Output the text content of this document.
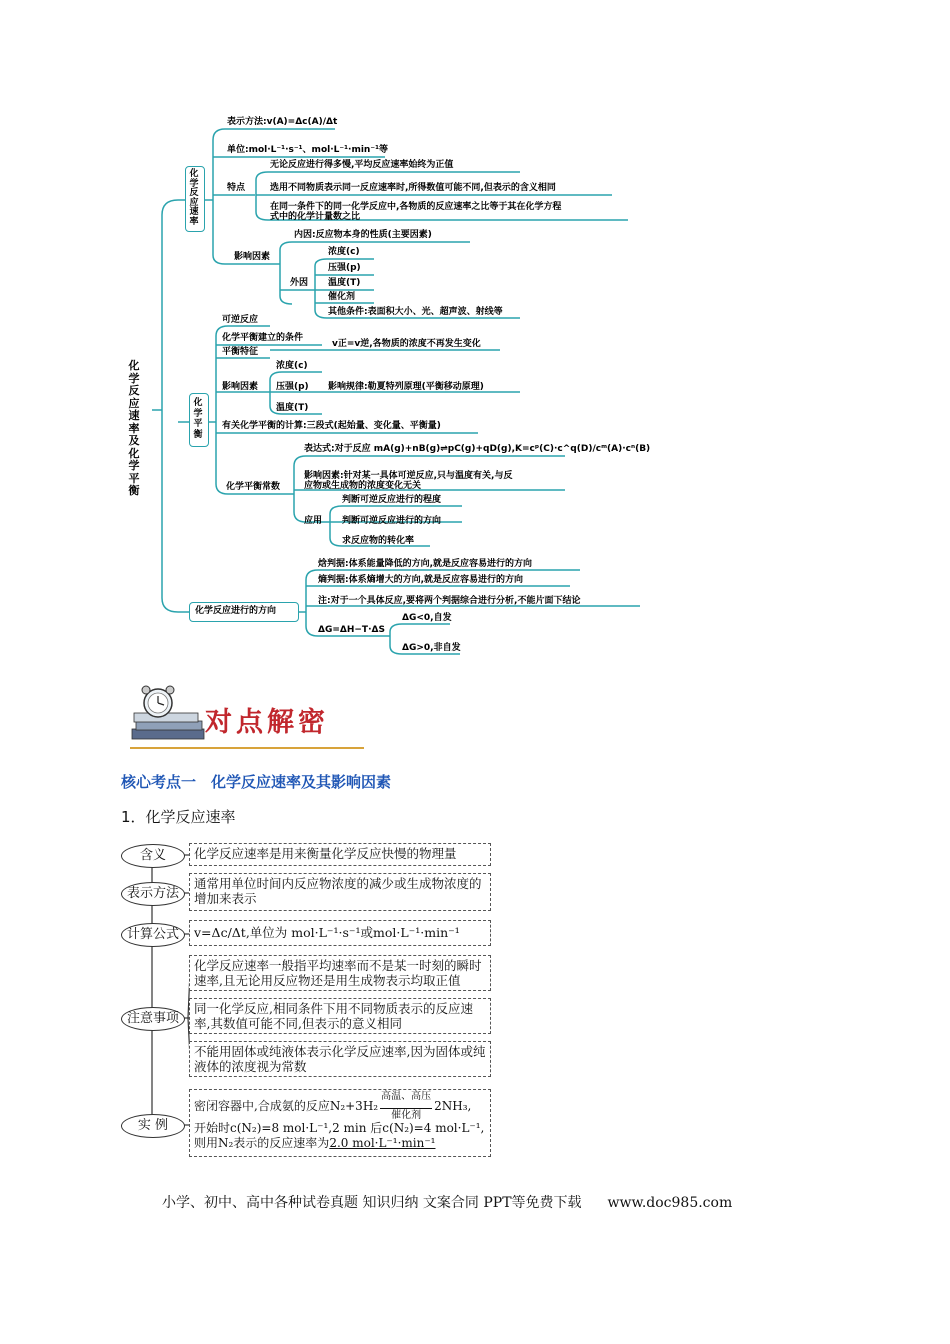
化学反应速率及化学平衡
化学反应速率
表示方法:v(A)=Δc(A)/Δt
单位:mol·L⁻¹·s⁻¹、mol·L⁻¹·min⁻¹等
特点
无论反应进行得多慢,平均反应速率始终为正值
选用不同物质表示同一反应速率时,所得数值可能不同,但表示的含义相同
在同一条件下的同一化学反应中,各物质的反应速率之比等于其在化学方程
式中的化学计量数之比
影响因素
内因:反应物本身的性质(主要因素)
外因
浓度(c)
压强(p)
温度(T)
催化剂
其他条件:表面积大小、光、超声波、射线等
化学平衡
可逆反应
化学平衡建立的条件
平衡特征
v正=v逆,各物质的浓度不再发生变化
影响因素
浓度(c)
压强(p)
温度(T)
影响规律:勒夏特列原理(平衡移动原理)
有关化学平衡的计算:三段式(起始量、变化量、平衡量)
化学平衡常数
表达式:对于反应 mA(g)+nB(g)⇌pC(g)+qD(g),K=cᵖ(C)·c^q(D)/cᵐ(A)·cⁿ(B)
影响因素:针对某一具体可逆反应,只与温度有关,与反
应物或生成物的浓度变化无关
应用
判断可逆反应进行的程度
判断可逆反应进行的方向
求反应物的转化率
化学反应进行的方向
焓判据:体系能量降低的方向,就是反应容易进行的方向
熵判据:体系熵增大的方向,就是反应容易进行的方向
注:对于一个具体反应,要将两个判据综合进行分析,不能片面下结论
ΔG=ΔH−T·ΔS
ΔG<0,自发
ΔG>0,非自发
对点解密
核心考点一　化学反应速率及其影响因素
1．化学反应速率
含义
表示方法
计算公式
注意事项
实 例
化学反应速率是用来衡量化学反应快慢的物理量
通常用单位时间内反应物浓度的减少或生成物浓度的增加来表示
v=Δc/Δt,单位为 mol·L⁻¹·s⁻¹或mol·L⁻¹·min⁻¹
化学反应速率一般指平均速率而不是某一时刻的瞬时速率,且无论用反应物还是用生成物表示均取正值
同一化学反应,相同条件下用不同物质表示的反应速率,其数值可能不同,但表示的意义相同
不能用固体或纯液体表示化学反应速率,因为固体或纯液体的浓度视为常数
密闭容器中,合成氨的反应N₂+3H₂
高温、高压
催化剂
2NH₃,
开始时c(N₂)=8 mol·L⁻¹,2 min 后c(N₂)=4 mol·L⁻¹,
则用N₂表示的反应速率为2.0 mol·L⁻¹·min⁻¹
小学、初中、高中各种试卷真题 知识归纳 文案合同 PPT等免费下载 www.doc985.com
